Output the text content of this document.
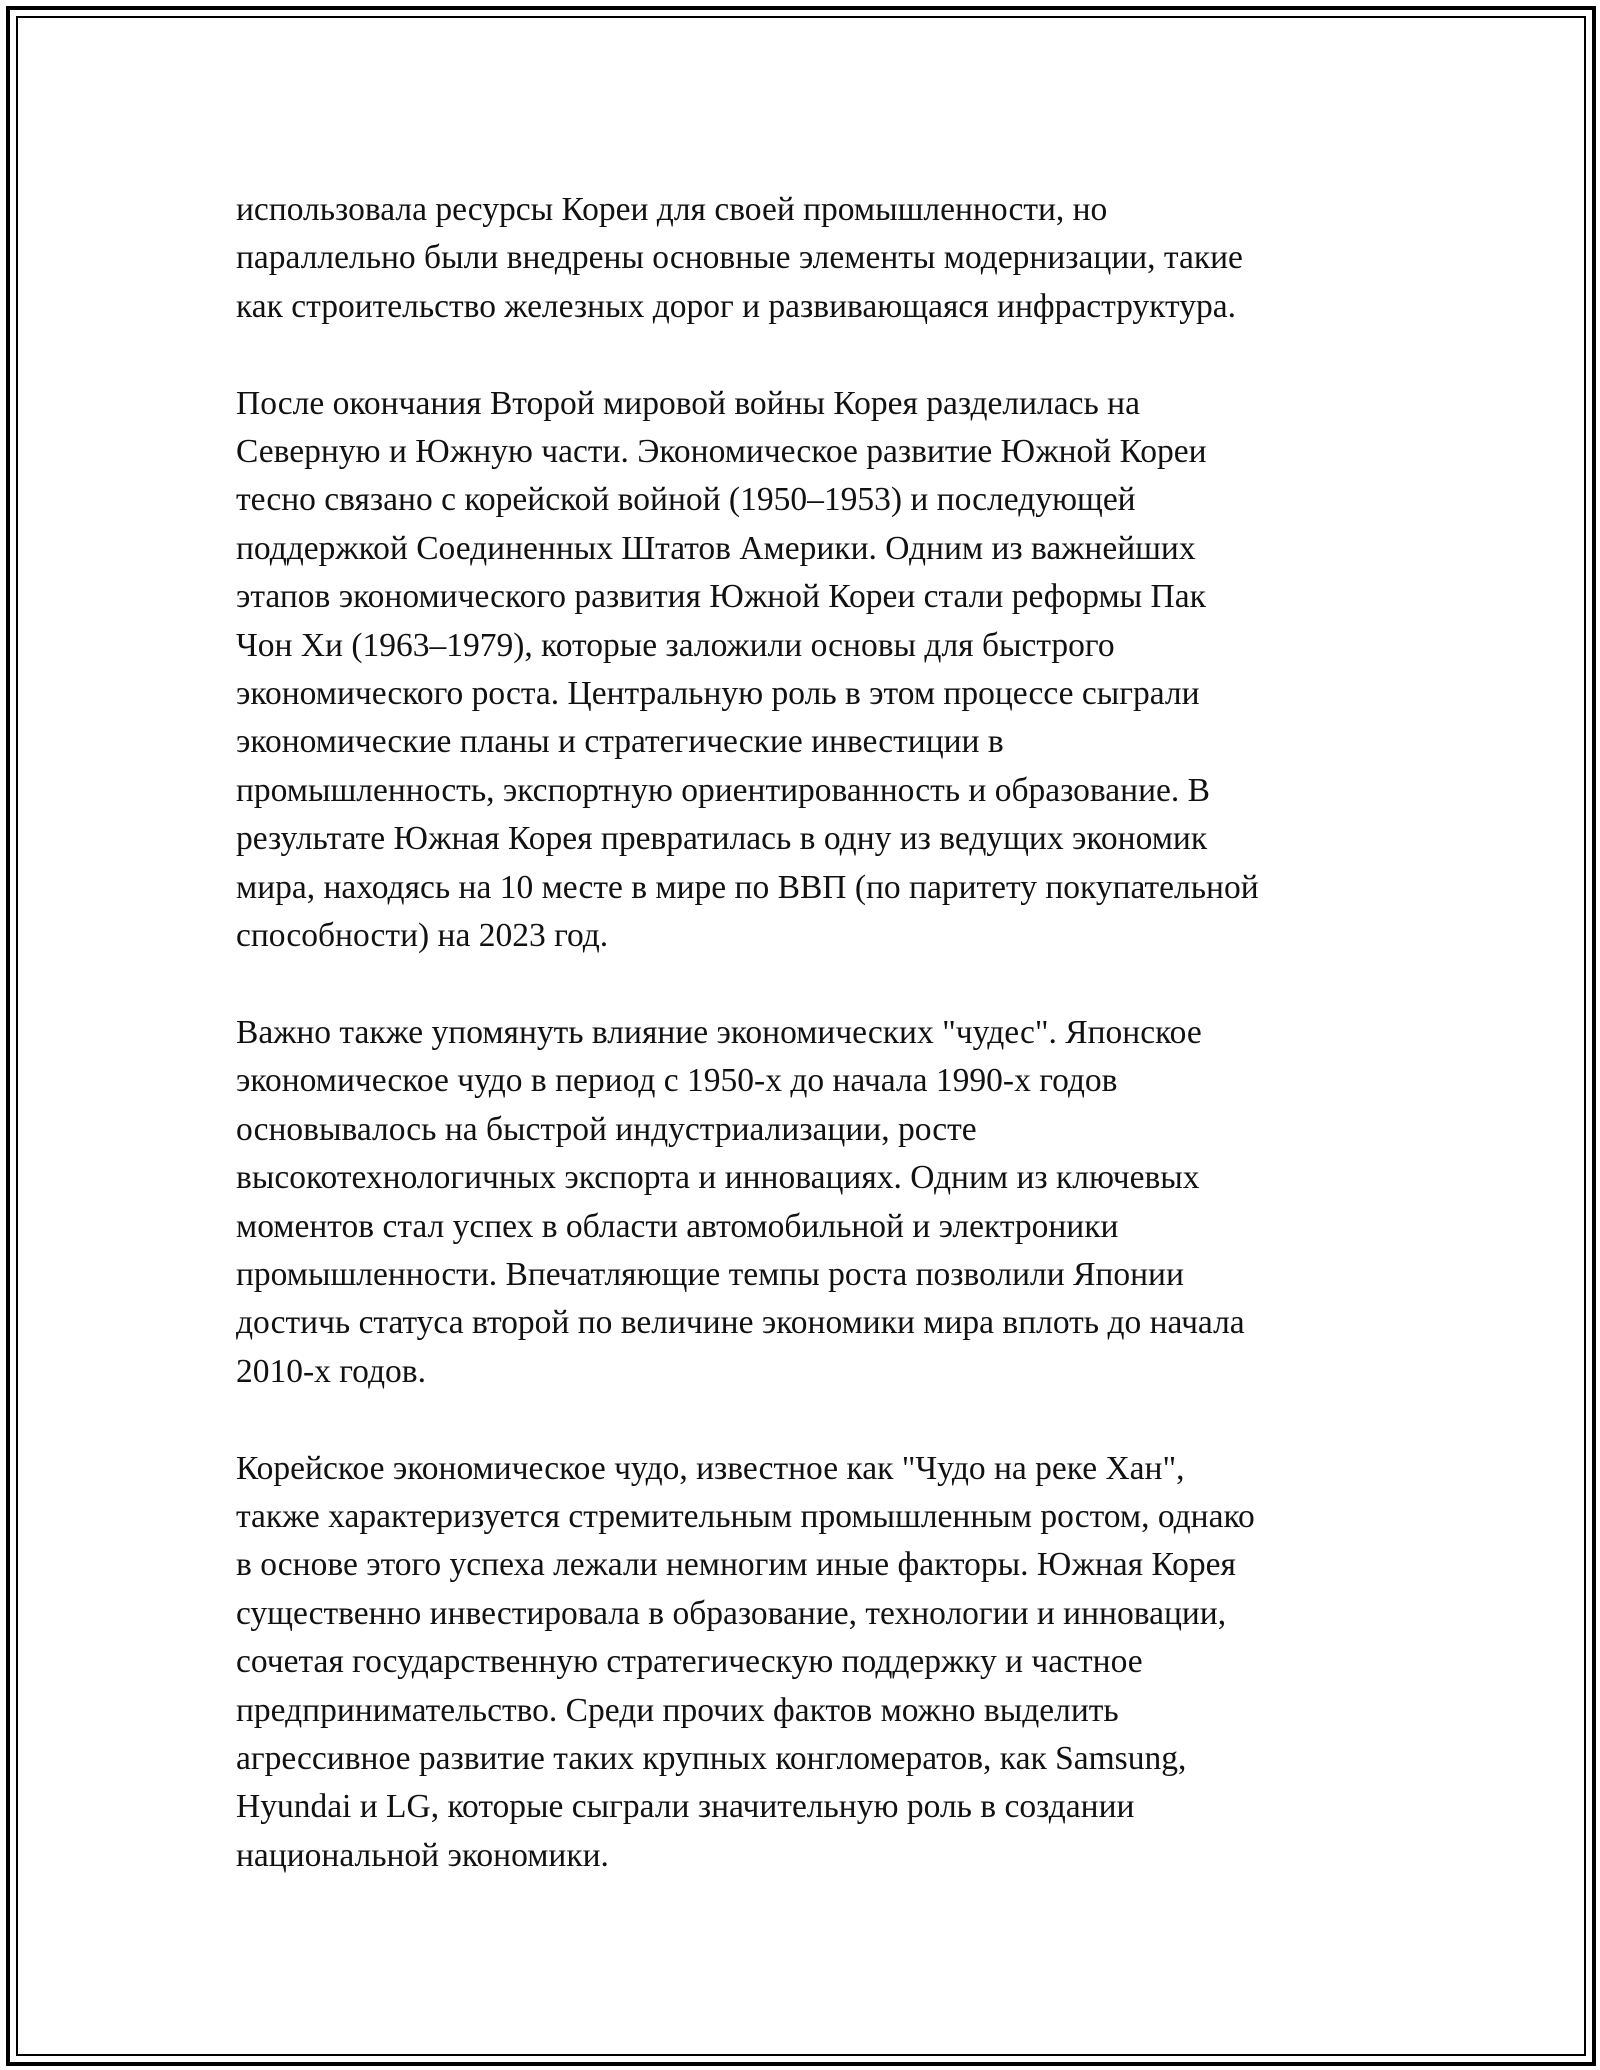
использовала ресурсы Кореи для своей промышленности, но
параллельно были внедрены основные элементы модернизации, такие
как строительство железных дорог и развивающаяся инфраструктура.

После окончания Второй мировой войны Корея разделилась на
Северную и Южную части. Экономическое развитие Южной Кореи
тесно связано с корейской войной (1950–1953) и последующей
поддержкой Соединенных Штатов Америки. Одним из важнейших
этапов экономического развития Южной Кореи стали реформы Пак
Чон Хи (1963–1979), которые заложили основы для быстрого
экономического роста. Центральную роль в этом процессе сыграли
экономические планы и стратегические инвестиции в
промышленность, экспортную ориентированность и образование. В
результате Южная Корея превратилась в одну из ведущих экономик
мира, находясь на 10 месте в мире по ВВП (по паритету покупательной
способности) на 2023 год.

Важно также упомянуть влияние экономических "чудес". Японское
экономическое чудо в период с 1950-х до начала 1990-х годов
основывалось на быстрой индустриализации, росте
высокотехнологичных экспорта и инновациях. Одним из ключевых
моментов стал успех в области автомобильной и электроники
промышленности. Впечатляющие темпы роста позволили Японии
достичь статуса второй по величине экономики мира вплоть до начала
2010-х годов.

Корейское экономическое чудо, известное как "Чудо на реке Хан",
также характеризуется стремительным промышленным ростом, однако
в основе этого успеха лежали немногим иные факторы. Южная Корея
существенно инвестировала в образование, технологии и инновации,
сочетая государственную стратегическую поддержку и частное
предпринимательство. Среди прочих фактов можно выделить
агрессивное развитие таких крупных конгломератов, как Samsung,
Hyundai и LG, которые сыграли значительную роль в создании
национальной экономики.
